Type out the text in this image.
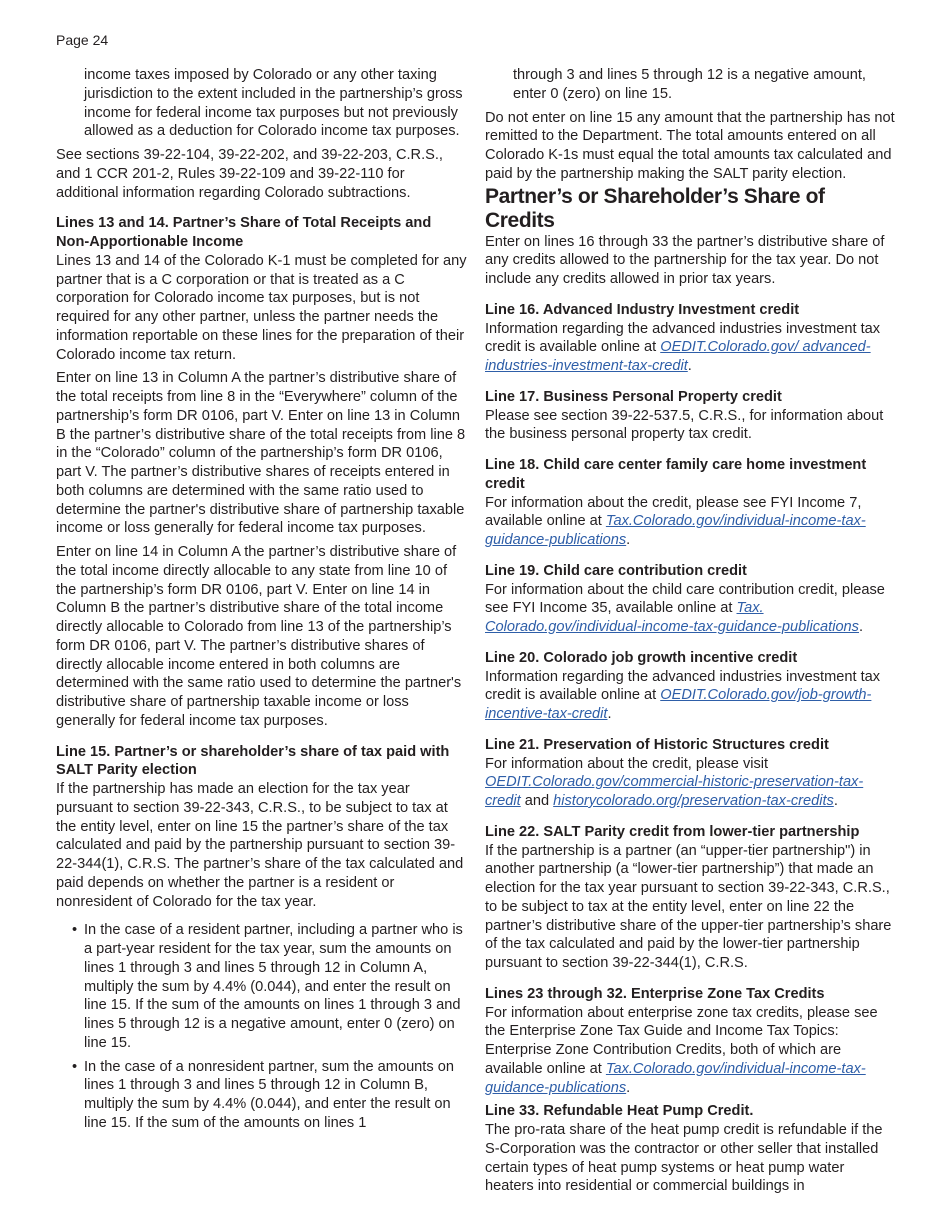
Page 24

income taxes imposed by Colorado or any other taxing jurisdiction to the extent included in the partnership’s gross income for federal income tax purposes but not previously allowed as a deduction for Colorado income tax purposes.

See sections 39-22-104, 39-22-202, and 39-22-203, C.R.S., and 1 CCR 201-2, Rules 39-22-109 and 39-22-110 for additional information regarding Colorado subtractions.

Lines 13 and 14. Partner’s Share of Total Receipts and Non-Apportionable Income

Lines 13 and 14 of the Colorado K-1 must be completed for any partner that is a C corporation or that is treated as a C corporation for Colorado income tax purposes, but is not required for any other partner, unless the partner needs the information reportable on these lines for the preparation of their Colorado income tax return.

Enter on line 13 in Column A the partner’s distributive share of the total receipts from line 8 in the “Everywhere” column of the partnership’s form DR 0106, part V. Enter on line 13 in Column B the partner’s distributive share of the total receipts from line 8 in the “Colorado” column of the partnership’s form DR 0106, part V. The partner’s distributive shares of receipts entered in both columns are determined with the same ratio used to determine the partner's distributive share of partnership taxable income or loss generally for federal income tax purposes.

Enter on line 14 in Column A the partner’s distributive share of the total income directly allocable to any state from line 10 of the partnership’s form DR 0106, part V. Enter on line 14 in Column B the partner’s distributive share of the total income directly allocable to Colorado from line 13 of the partnership’s form DR 0106, part V. The partner’s distributive shares of directly allocable income entered in both columns are determined with the same ratio used to determine the partner's distributive share of partnership taxable income or loss generally for federal income tax purposes.

Line 15. Partner’s or shareholder’s share of tax paid with SALT Parity election

If the partnership has made an election for the tax year pursuant to section 39-22-343, C.R.S., to be subject to tax at the entity level, enter on line 15 the partner’s share of the tax calculated and paid by the partnership pursuant to section 39-22-344(1), C.R.S. The partner’s share of the tax calculated and paid depends on whether the partner is a resident or nonresident of Colorado for the tax year.

• In the case of a resident partner, including a partner who is a part-year resident for the tax year, sum the amounts on lines 1 through 3 and lines 5 through 12 in Column A, multiply the sum by 4.4% (0.044), and enter the result on line 15. If the sum of the amounts on lines 1 through 3 and lines 5 through 12 is a negative amount, enter 0 (zero) on line 15.
• In the case of a nonresident partner, sum the amounts on lines 1 through 3 and lines 5 through 12 in Column B, multiply the sum by 4.4% (0.044), and enter the result on line 15. If the sum of the amounts on lines 1

through 3 and lines 5 through 12 is a negative amount, enter 0 (zero) on line 15.

Do not enter on line 15 any amount that the partnership has not remitted to the Department. The total amounts entered on all Colorado K-1s must equal the total amounts tax calculated and paid by the partnership making the SALT parity election.

Partner’s or Shareholder’s Share of Credits

Enter on lines 16 through 33 the partner’s distributive share of any credits allowed to the partnership for the tax year. Do not include any credits allowed in prior tax years.

Line 16. Advanced Industry Investment credit

Information regarding the advanced industries investment tax credit is available online at OEDIT.Colorado.gov/ advanced-industries-investment-tax-credit.

Line 17. Business Personal Property credit

Please see section 39-22-537.5, C.R.S., for information about the business personal property tax credit.

Line 18. Child care center family care home investment credit

For information about the credit, please see FYI Income 7, available online at Tax.Colorado.gov/individual-income-tax-guidance-publications.

Line 19. Child care contribution credit

For information about the child care contribution credit, please see FYI Income 35, available online at Tax. Colorado.gov/individual-income-tax-guidance-publications.

Line 20. Colorado job growth incentive credit

Information regarding the advanced industries investment tax credit is available online at OEDIT.Colorado.gov/job-growth-incentive-tax-credit.

Line 21. Preservation of Historic Structures credit

For information about the credit, please visit OEDIT.Colorado.gov/commercial-historic-preservation-tax-credit and historycolorado.org/preservation-tax-credits.

Line 22. SALT Parity credit from lower-tier partnership

If the partnership is a partner (an “upper-tier partnership") in another partnership (a “lower-tier partnership”) that made an election for the tax year pursuant to section 39-22-343, C.R.S., to be subject to tax at the entity level, enter on line 22 the partner’s distributive share of the upper-tier partnership’s share of the tax calculated and paid by the lower-tier partnership pursuant to section 39-22-344(1), C.R.S.

Lines 23 through 32. Enterprise Zone Tax Credits

For information about enterprise zone tax credits, please see the Enterprise Zone Tax Guide and Income Tax Topics: Enterprise Zone Contribution Credits, both of which are available online at Tax.Colorado.gov/individual-income-tax-guidance-publications.

Line 33. Refundable Heat Pump Credit.

The pro-rata share of the heat pump credit is refundable if the S-Corporation was the contractor or other seller that installed certain types of heat pump systems or heat pump water heaters into residential or commercial buildings in
